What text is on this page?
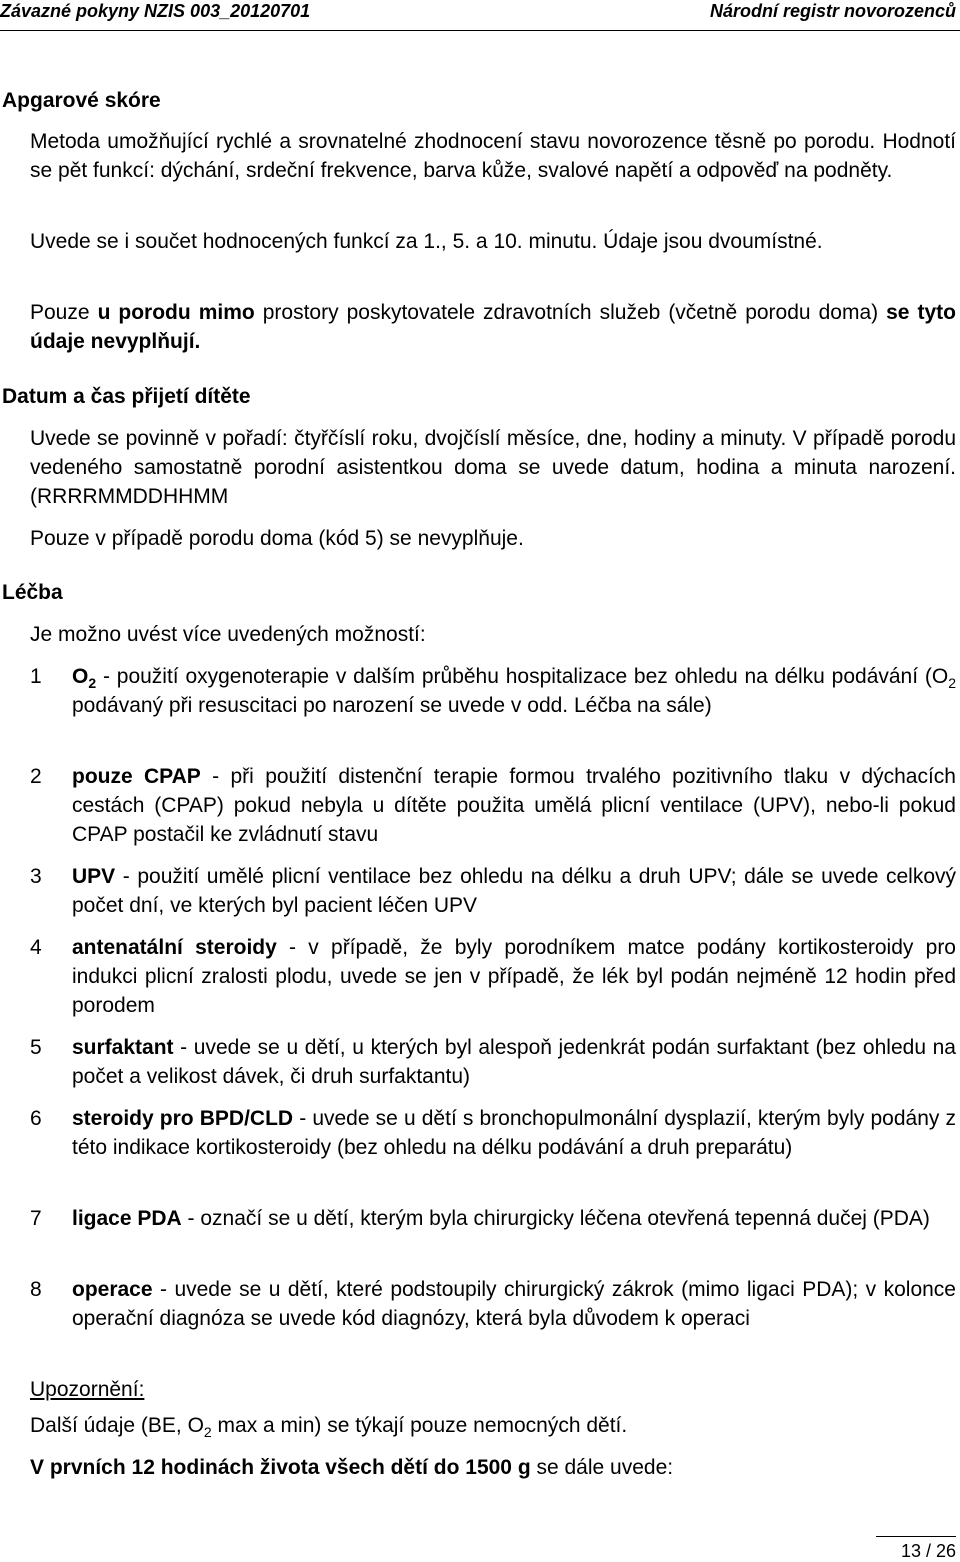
Závazné pokyny NZIS 003_20120701	Národní registr novorozenců
Apgarové skóre

Metoda umožňující rychlé a srovnatelné zhodnocení stavu novorozence těsně po porodu. Hodnotí se pět funkcí: dýchání, srdeční frekvence, barva kůže, svalové napětí a odpověď na podněty.

Uvede se i součet hodnocených funkcí za 1., 5. a 10. minutu. Údaje jsou dvoumístné.

Pouze u porodu mimo prostory poskytovatele zdravotních služeb (včetně porodu doma) se tyto údaje nevyplňují.

Datum a čas přijetí dítěte

Uvede se povinně v pořadí: čtyřčíslí roku, dvojčíslí měsíce, dne, hodiny a minuty. V případě porodu vedeného samostatně porodní asistentkou doma se uvede datum, hodina a minuta narození. (RRRRMMDDHHMM

Pouze v případě porodu doma (kód 5) se nevyplňuje.

Léčba

Je možno uvést více uvedených možností:

1	$O_2$ - použití oxygenoterapie v dalším průběhu hospitalizace bez ohledu na délku podávání ($O_2$ podávaný při resuscitaci po narození se uvede v odd. Léčba na sále)
2	pouze CPAP - při použití distenční terapie formou trvalého pozitivního tlaku v dýchacích cestách (CPAP) pokud nebyla u dítěte použita umělá plicní ventilace (UPV), nebo-li pokud CPAP postačil ke zvládnutí stavu
3	UPV - použití umělé plicní ventilace bez ohledu na délku a druh UPV; dále se uvede celkový počet dní, ve kterých byl pacient léčen UPV
4	antenatální steroidy - v případě, že byly porodníkem matce podány kortikosteroidy pro indukci plicní zralosti plodu, uvede se jen v případě, že lék byl podán nejméně 12 hodin před porodem
5	surfaktant - uvede se u dětí, u kterých byl alespoň jedenkrát podán surfaktant (bez ohledu na počet a velikost dávek, či druh surfaktantu)
6	steroidy pro BPD/CLD - uvede se u dětí s bronchopulmonální dysplazií, kterým byly podány z této indikace kortikosteroidy (bez ohledu na délku podávání a druh preparátu)
7	ligace PDA - označí se u dětí, kterým byla chirurgicky léčena otevřená tepenná dučej (PDA)
8	operace - uvede se u dětí, které podstoupily chirurgický zákrok (mimo ligaci PDA); v kolonce operační diagnóza se uvede kód diagnózy, která byla důvodem k operaci

Upozornění:

Další údaje (BE, $O_2$ max a min) se týkají pouze nemocných dětí.

V prvních 12 hodinách života všech dětí do 1500 g se dále uvede:

13 / 26
